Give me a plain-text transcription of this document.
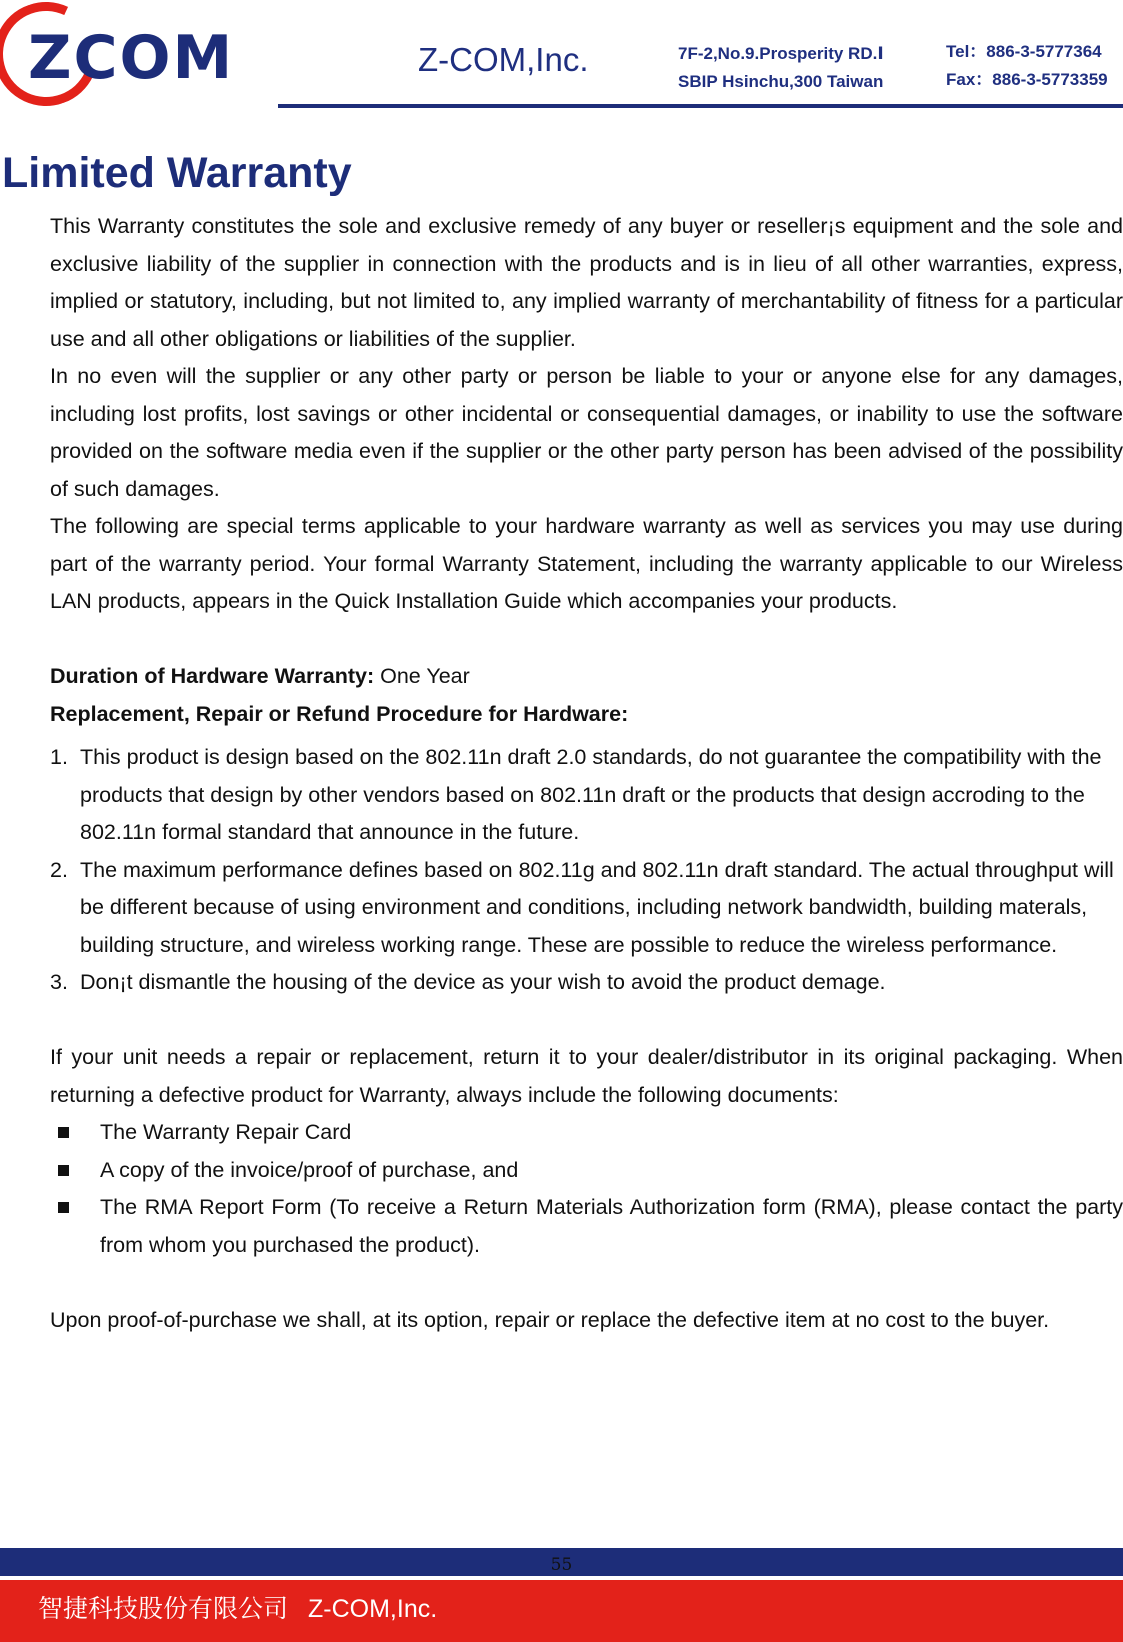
ZCOM	Z-COM,Inc.	7F-2,No.9.Prosperity RD.Ⅰ
SBIP Hsinchu,300 Taiwan
Tel：886-3-5777364
Fax：886-3-5773359
Limited Warranty

This Warranty constitutes the sole and exclusive remedy of any buyer or reseller¡s equipment and the sole and exclusive liability of the supplier in connection with the products and is in lieu of all other warranties, express, implied or statutory, including, but not limited to, any implied warranty of merchantability of fitness for a particular use and all other obligations or liabilities of the supplier.

In no even will the supplier or any other party or person be liable to your or anyone else for any damages, including lost profits, lost savings or other incidental or consequential damages, or inability to use the software provided on the software media even if the supplier or the other party person has been advised of the possibility of such damages.

The following are special terms applicable to your hardware warranty as well as services you may use during part of the warranty period. Your formal Warranty Statement, including the warranty applicable to our Wireless LAN products, appears in the Quick Installation Guide which accompanies your products.

Duration of Hardware Warranty: One Year

Replacement, Repair or Refund Procedure for Hardware:

1. This product is design based on the 802.11n draft 2.0 standards, do not guarantee the compatibility with the products that design by other vendors based on 802.11n draft or the products that design accroding to the 802.11n formal standard that announce in the future.
2. The maximum performance defines based on 802.11g and 802.11n draft standard. The actual throughput will be different because of using environment and conditions, including network bandwidth, building materals, building structure, and wireless working range. These are possible to reduce the wireless performance.
3. Don¡t dismantle the housing of the device as your wish to avoid the product demage.

If your unit needs a repair or replacement, return it to your dealer/distributor in its original packaging. When returning a defective product for Warranty, always include the following documents:

The Warranty Repair Card
A copy of the invoice/proof of purchase, and
The RMA Report Form (To receive a Return Materials Authorization form (RMA), please contact the party from whom you purchased the product).

Upon proof-of-purchase we shall, at its option, repair or replace the defective item at no cost to the buyer.

55
智捷科技股份有限公司 Z-COM,Inc.
